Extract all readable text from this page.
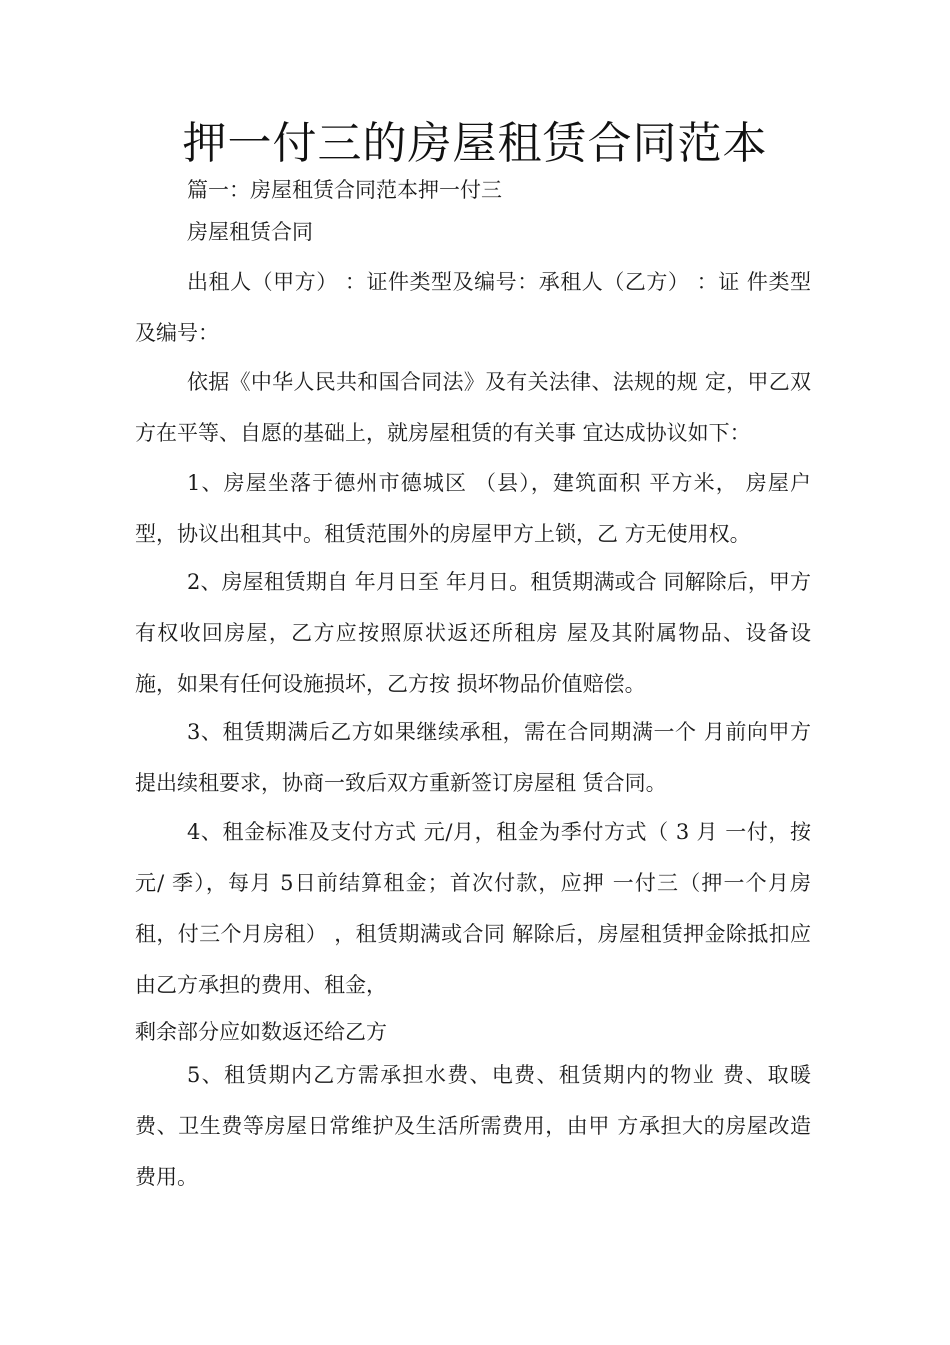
押一付三的房屋租赁合同范本

篇一：房屋租赁合同范本押一付三

房屋租赁合同

出租人（甲方） ：证件类型及编号：承租人（乙方） ：证 件类型及编号：

依据《中华人民共和国合同法》及有关法律、法规的规 定，甲乙双方在平等、自愿的基础上，就房屋租赁的有关事 宜达成协议如下：

1、房屋坐落于德州市德城区 （县），建筑面积 平方米， 房屋户型，协议出租其中。租赁范围外的房屋甲方上锁，乙 方无使用权。

2、房屋租赁期自 年月日至 年月日。租赁期满或合 同解除后，甲方有权收回房屋，乙方应按照原状返还所租房 屋及其附属物品、设备设施，如果有任何设施损坏，乙方按 损坏物品价值赔偿。

3、租赁期满后乙方如果继续承租，需在合同期满一个 月前向甲方提出续租要求，协商一致后双方重新签订房屋租 赁合同。

4、租金标准及支付方式 元/月，租金为季付方式（ 3 月 一付，按 元/ 季），每月 5日前结算租金；首次付款，应押 一付三（押一个月房租，付三个月房租） ，租赁期满或合同 解除后，房屋租赁押金除抵扣应由乙方承担的费用、租金，

剩余部分应如数返还给乙方

5、租赁期内乙方需承担水费、电费、租赁期内的物业 费、取暖费、卫生费等房屋日常维护及生活所需费用，由甲 方承担大的房屋改造费用。
